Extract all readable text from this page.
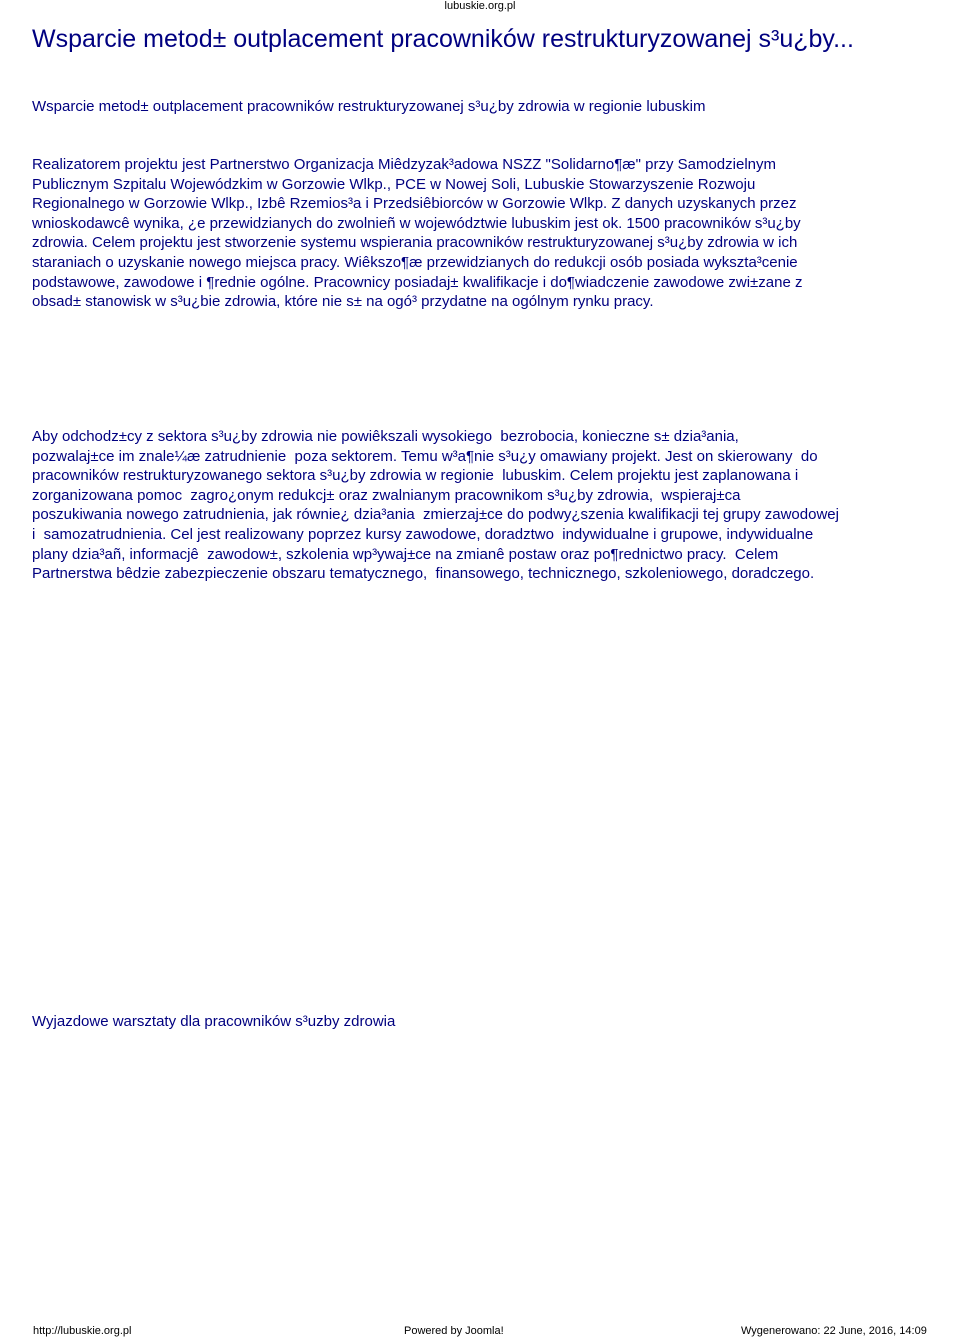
lubuskie.org.pl
Wsparcie metod± outplacement pracowników restrukturyzowanej s³u¿by...
Wsparcie metod± outplacement pracowników restrukturyzowanej s³u¿by zdrowia w regionie lubuskim

Realizatorem projektu jest Partnerstwo Organizacja Miêdzyzak³adowa NSZZ "Solidarno¶æ" przy Samodzielnym
Publicznym Szpitalu Wojewódzkim w Gorzowie Wlkp., PCE w Nowej Soli, Lubuskie Stowarzyszenie Rozwoju
Regionalnego w Gorzowie Wlkp., Izbê Rzemios³a i Przedsiêbiorców w Gorzowie Wlkp. Z danych uzyskanych przez
wnioskodawcê wynika, ¿e przewidzianych do zwolnieñ w województwie lubuskim jest ok. 1500 pracowników s³u¿by
zdrowia. Celem projektu jest stworzenie systemu wspierania pracowników restrukturyzowanej s³u¿by zdrowia w ich
staraniach o uzyskanie nowego miejsca pracy. Wiêkszo¶æ przewidzianych do redukcji osób posiada wykszta³cenie
podstawowe, zawodowe i ¶rednie ogólne. Pracownicy posiadaj± kwalifikacje i do¶wiadczenie zawodowe zwi±zane z
obsad± stanowisk w s³u¿bie zdrowia, które nie s± na ogó³ przydatne na ogólnym rynku pracy.

Aby odchodz±cy z sektora s³u¿by zdrowia nie powiêkszali wysokiego  bezrobocia, konieczne s± dzia³ania,
pozwalaj±ce im znale¼æ zatrudnienie  poza sektorem. Temu w³a¶nie s³u¿y omawiany projekt. Jest on skierowany  do
pracowników restrukturyzowanego sektora s³u¿by zdrowia w regionie  lubuskim. Celem projektu jest zaplanowana i
zorganizowana pomoc  zagro¿onym redukcj± oraz zwalnianym pracownikom s³u¿by zdrowia,  wspieraj±ca
poszukiwania nowego zatrudnienia, jak równie¿ dzia³ania  zmierzaj±ce do podwy¿szenia kwalifikacji tej grupy zawodowej
i  samozatrudnienia. Cel jest realizowany poprzez kursy zawodowe, doradztwo  indywidualne i grupowe, indywidualne
plany dzia³añ, informacjê  zawodow±, szkolenia wp³ywaj±ce na zmianê postaw oraz po¶rednictwo pracy.  Celem
Partnerstwa bêdzie zabezpieczenie obszaru tematycznego,  finansowego, technicznego, szkoleniowego, doradczego.

Wyjazdowe warsztaty dla pracowników s³uzby zdrowia

http://lubuskie.org.pl	Powered by Joomla!	Wygenerowano: 22 June, 2016, 14:09
